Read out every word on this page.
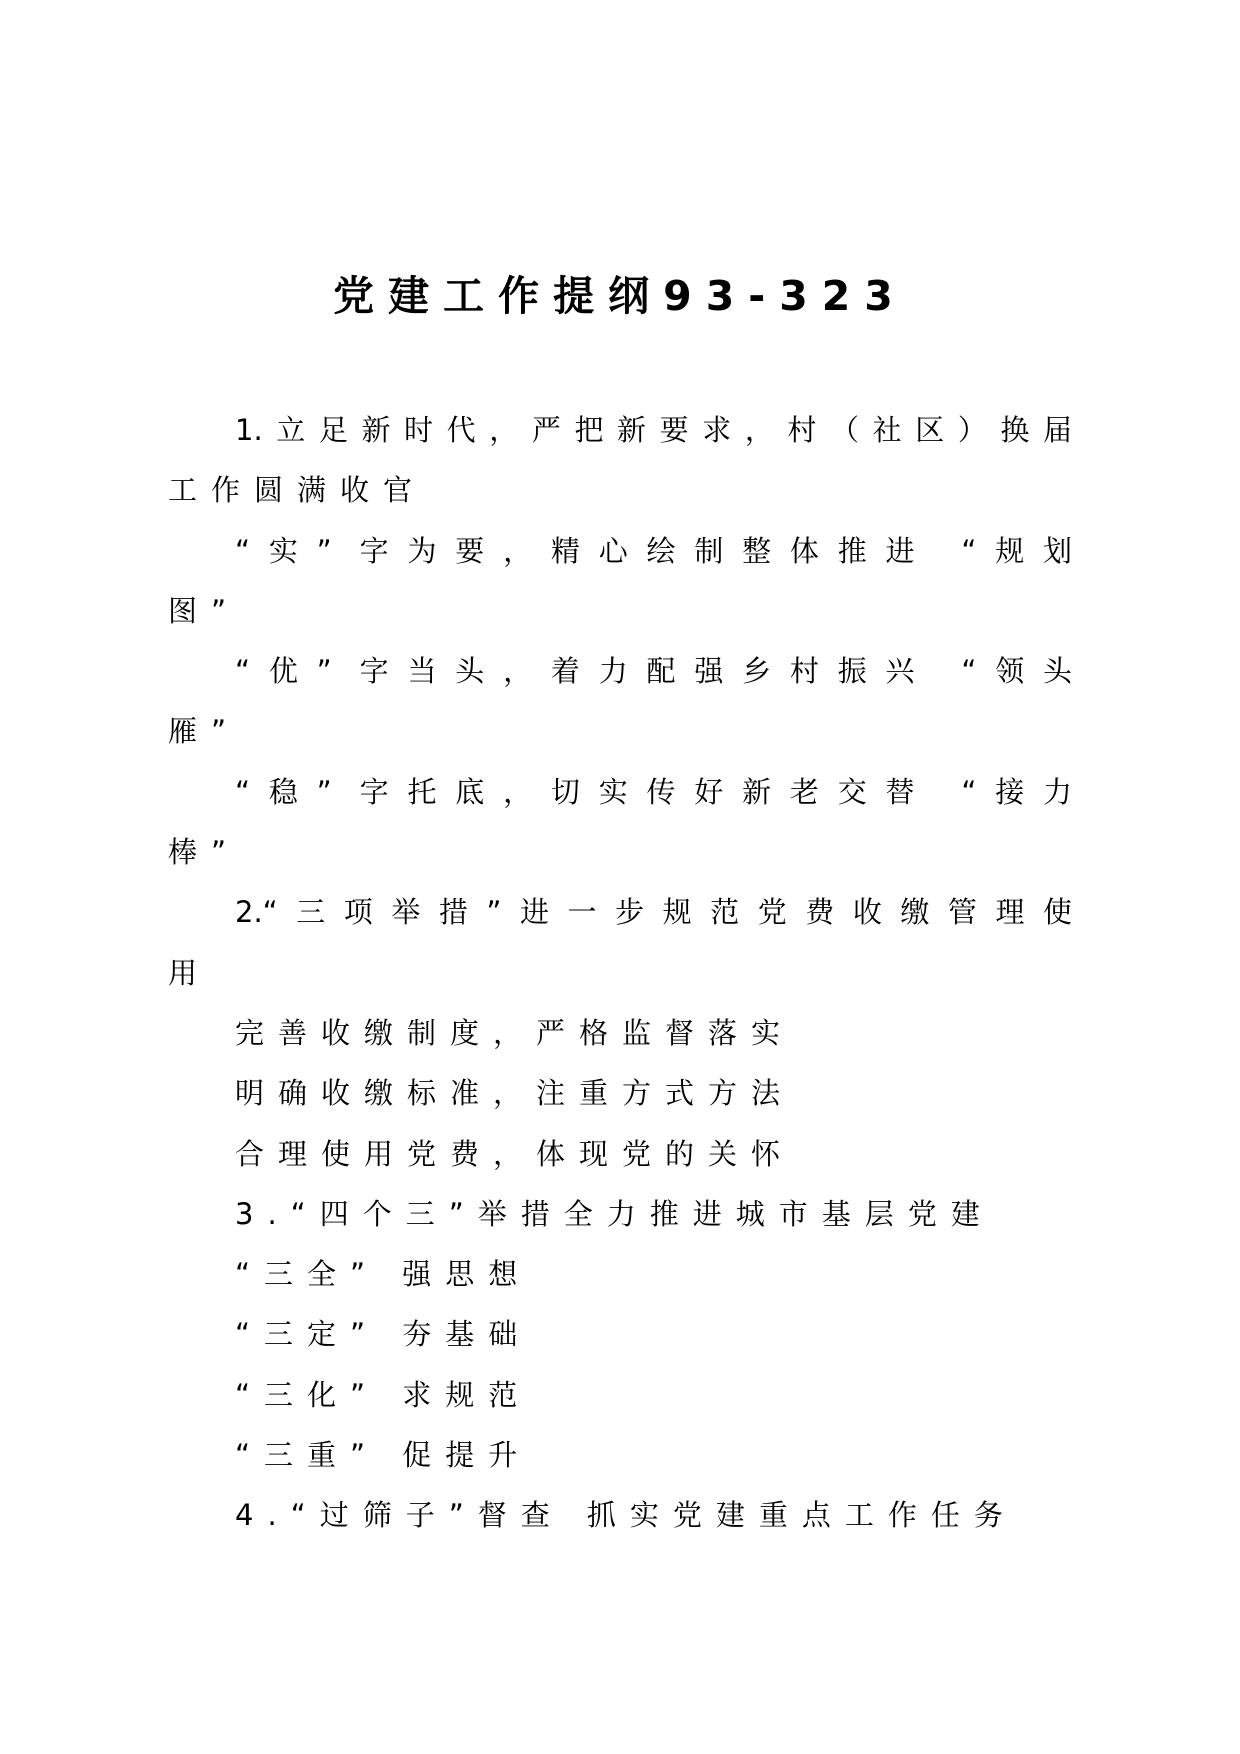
党建工作提纲93-323
1.立足新时代，严把新要求，村（社区）换届
工作圆满收官
“实” 字为要，精心绘制整体推进 “规划
图”
“优” 字当头，着力配强乡村振兴 “领头
雁”
“稳” 字托底，切实传好新老交替 “接力
棒”
2.“三项举措”进一步规范党费收缴管理使
用
完善收缴制度，严格监督落实
明确收缴标准，注重方式方法
合理使用党费，体现党的关怀
3.“四个三”举措全力推进城市基层党建
“三全” 强思想
“三定” 夯基础
“三化” 求规范
“三重” 促提升
4.“过筛子”督查 抓实党建重点工作任务
